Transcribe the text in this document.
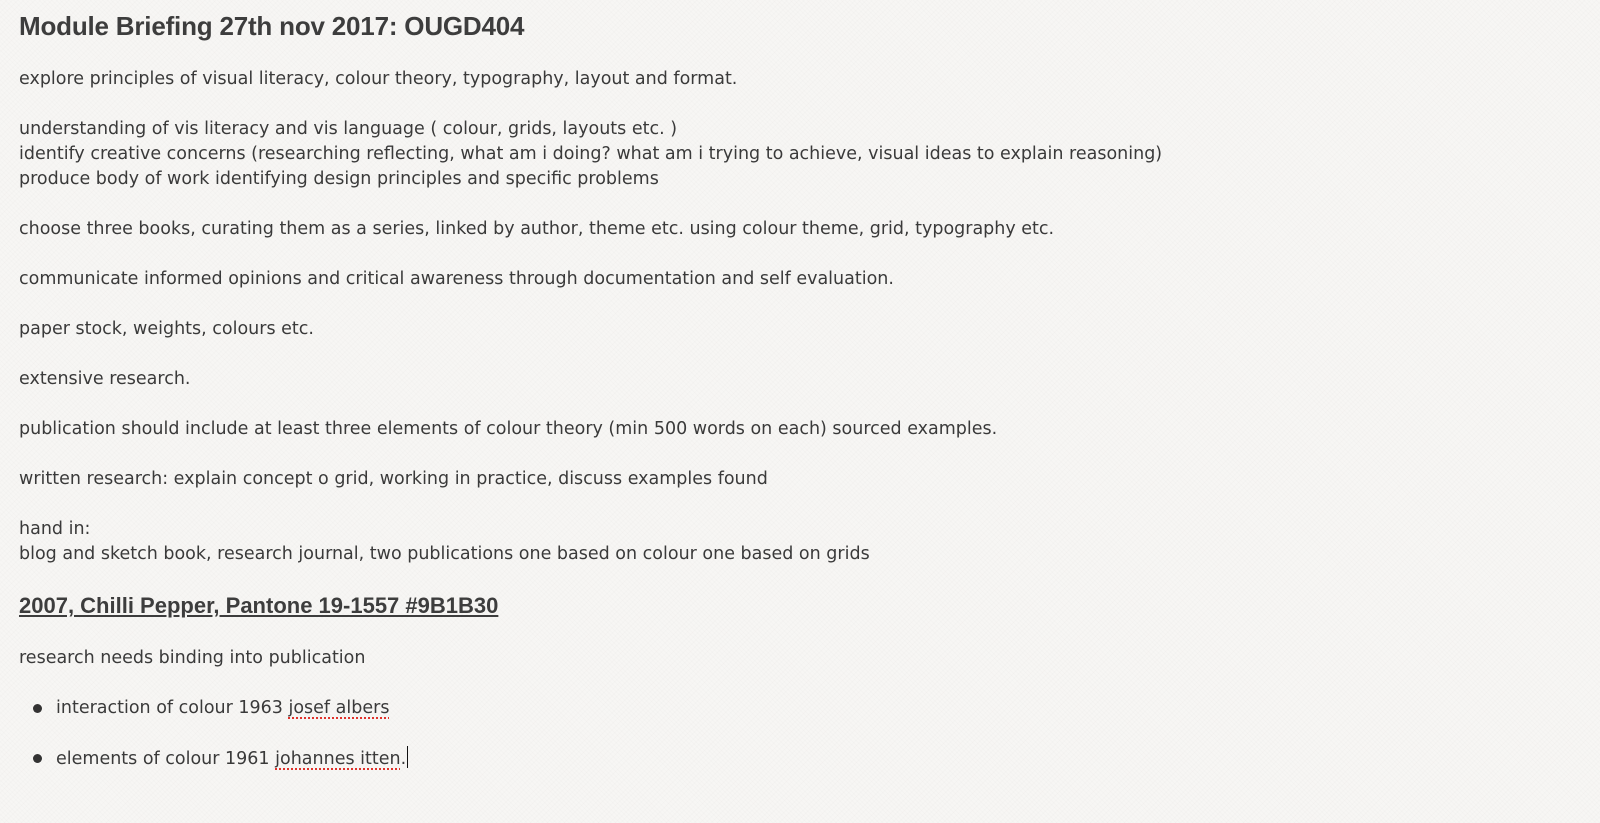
Module Briefing 27th nov 2017: OUGD404
explore principles of visual literacy, colour theory, typography, layout and format.
understanding of vis literacy and vis language ( colour, grids, layouts etc. )
identify creative concerns (researching reflecting, what am i doing? what am i trying to achieve, visual ideas to explain reasoning)
produce body of work identifying design principles and specific problems
choose three books, curating them as a series, linked by author, theme etc. using colour theme, grid, typography etc.
communicate informed opinions and critical awareness through documentation and self evaluation.
paper stock, weights, colours etc.
extensive research.
publication should include at least three elements of colour theory (min 500 words on each) sourced examples.
written research: explain concept o grid, working in practice, discuss examples found
hand in:
blog and sketch book, research journal, two publications one based on colour one based on grids
2007, Chilli Pepper, Pantone 19-1557 #9B1B30
research needs binding into publication
interaction of colour 1963 josef albers
elements of colour 1961 johannes itten.
